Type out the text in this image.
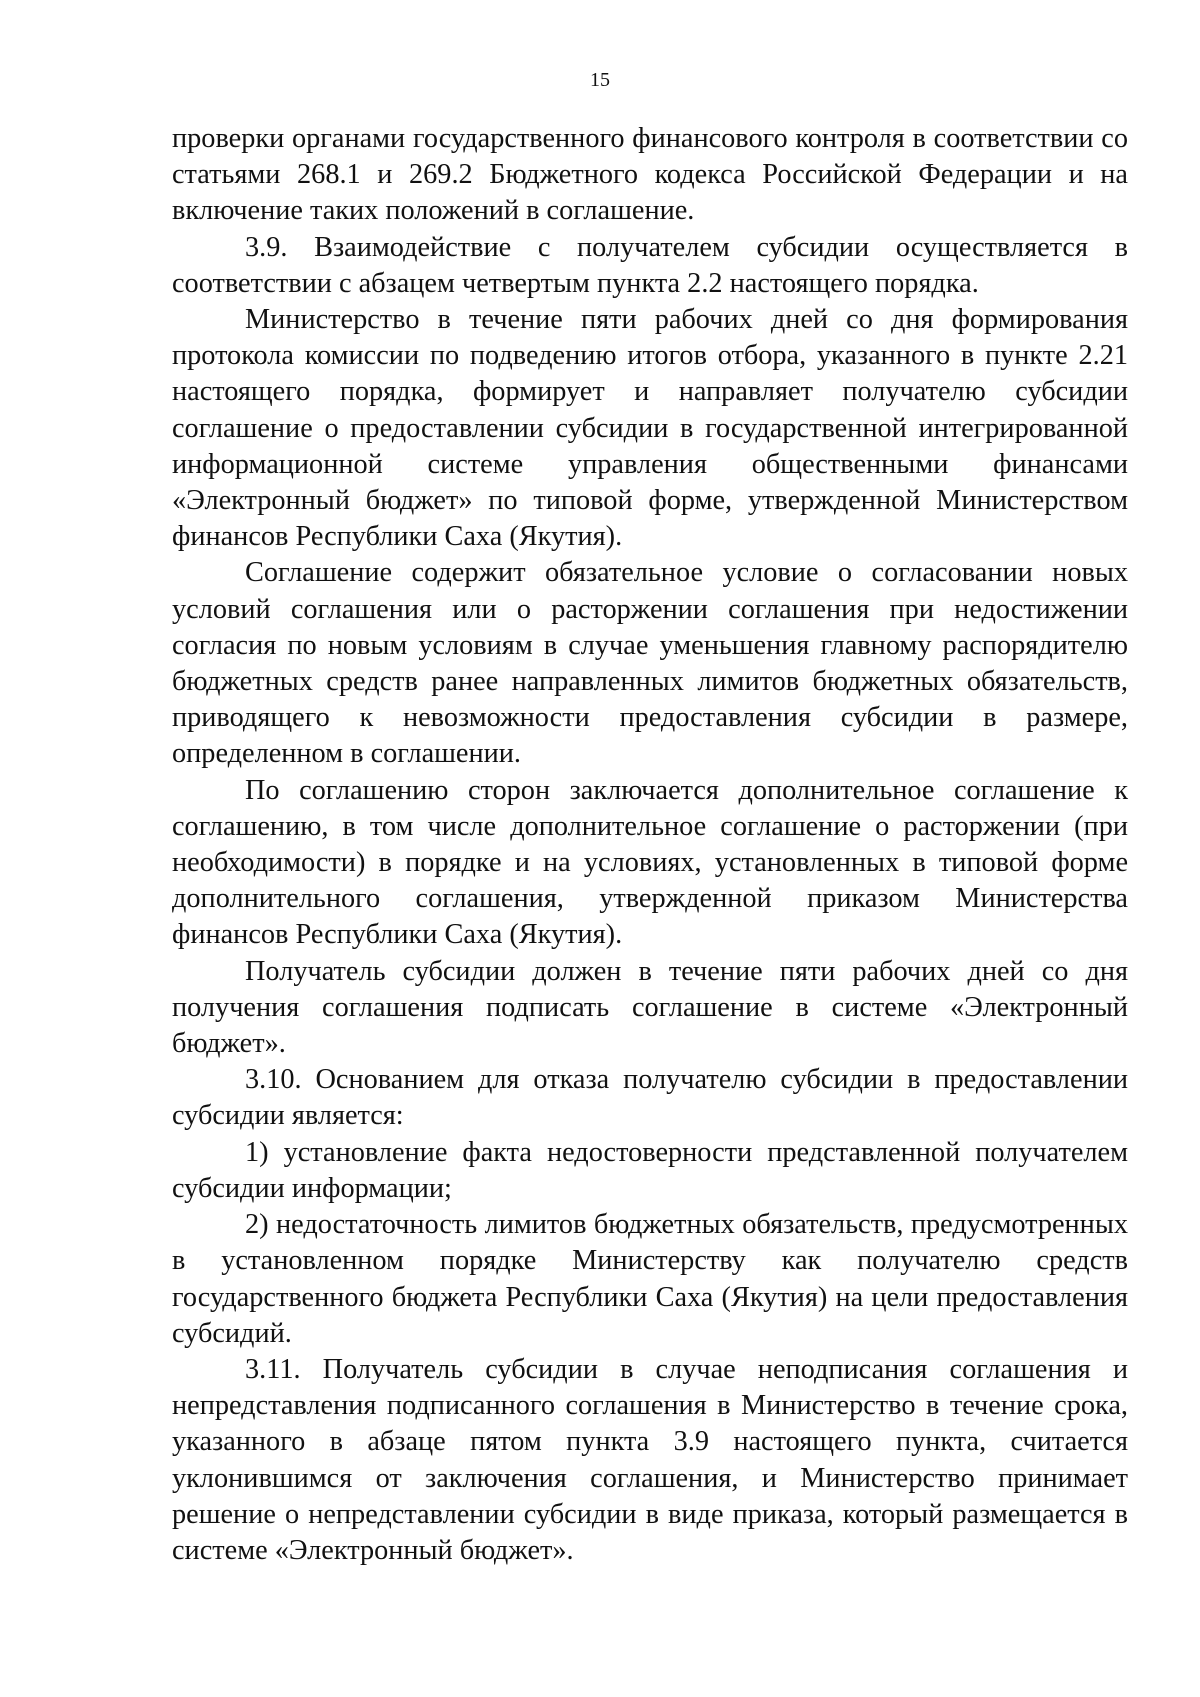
15

проверки органами государственного финансового контроля в соответствии со статьями 268.1 и 269.2 Бюджетного кодекса Российской Федерации и на включение таких положений в соглашение.

3.9. Взаимодействие с получателем субсидии осуществляется в соответствии с абзацем четвертым пункта 2.2 настоящего порядка.

Министерство в течение пяти рабочих дней со дня формирования протокола комиссии по подведению итогов отбора, указанного в пункте 2.21 настоящего порядка, формирует и направляет получателю субсидии соглашение о предоставлении субсидии в государственной интегрированной информационной системе управления общественными финансами «Электронный бюджет» по типовой форме, утвержденной Министерством финансов Республики Саха (Якутия).

Соглашение содержит обязательное условие о согласовании новых условий соглашения или о расторжении соглашения при недостижении согласия по новым условиям в случае уменьшения главному распорядителю бюджетных средств ранее направленных лимитов бюджетных обязательств, приводящего к невозможности предоставления субсидии в размере, определенном в соглашении.

По соглашению сторон заключается дополнительное соглашение к соглашению, в том числе дополнительное соглашение о расторжении (при необходимости) в порядке и на условиях, установленных в типовой форме дополнительного соглашения, утвержденной приказом Министерства финансов Республики Саха (Якутия).

Получатель субсидии должен в течение пяти рабочих дней со дня получения соглашения подписать соглашение в системе «Электронный бюджет».

3.10. Основанием для отказа получателю субсидии в предоставлении субсидии является:

1) установление факта недостоверности представленной получателем субсидии информации;

2) недостаточность лимитов бюджетных обязательств, предусмотренных в установленном порядке Министерству как получателю средств государственного бюджета Республики Саха (Якутия) на цели предоставления субсидий.

3.11. Получатель субсидии в случае неподписания соглашения и непредставления подписанного соглашения в Министерство в течение срока, указанного в абзаце пятом пункта 3.9 настоящего пункта, считается уклонившимся от заключения соглашения, и Министерство принимает решение о непредставлении субсидии в виде приказа, который размещается в системе «Электронный бюджет».
